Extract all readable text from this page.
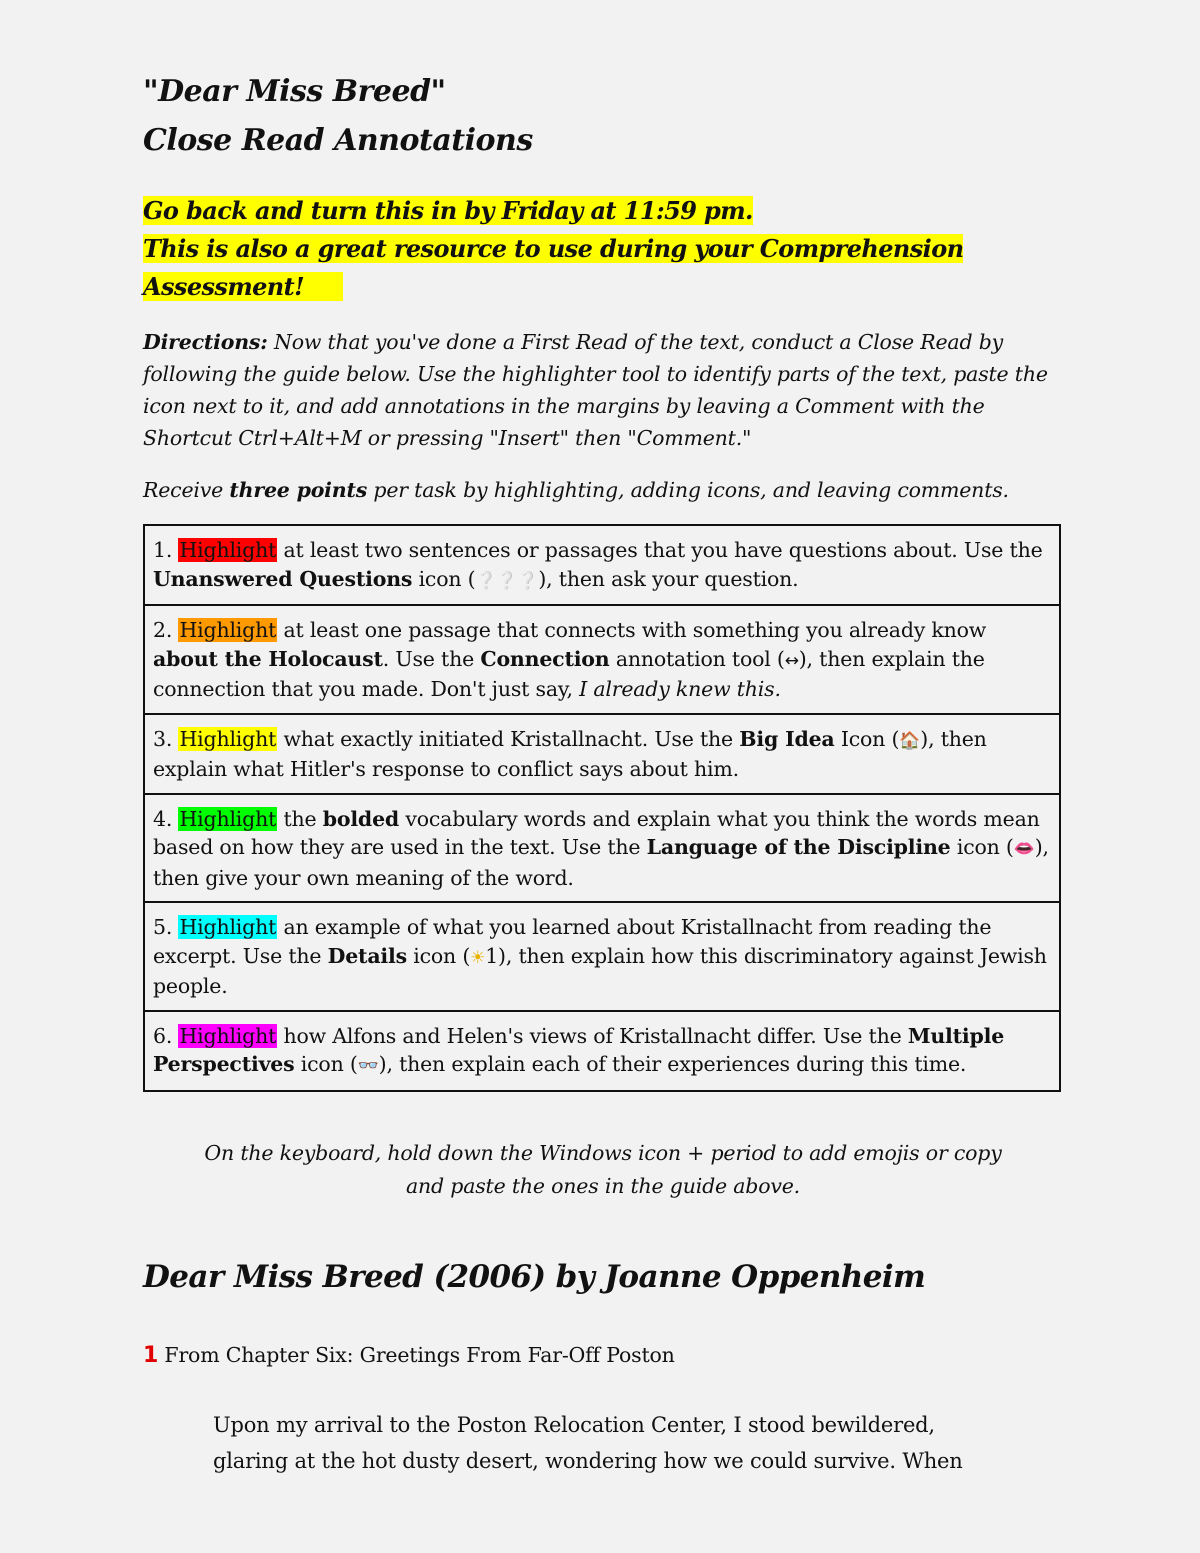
"Dear Miss Breed"
Close Read Annotations
Go back and turn this in by Friday at 11:59 pm.
This is also a great resource to use during your Comprehension
Assessment!

Directions: Now that you've done a First Read of the text, conduct a Close Read by following the guide below. Use the highlighter tool to identify parts of the text, paste the icon next to it, and add annotations in the margins by leaving a Comment with the Shortcut Ctrl+Alt+M or pressing "Insert" then "Comment."

Receive three points per task by highlighting, adding icons, and leaving comments.

1. Highlight at least two sentences or passages that you have questions about. Use the Unanswered Questions icon (❔❔❔), then ask your question.
2. Highlight at least one passage that connects with something you already know about the Holocaust. Use the Connection annotation tool (↔), then explain the connection that you made. Don't just say, I already knew this.
3. Highlight what exactly initiated Kristallnacht. Use the Big Idea Icon (🏠), then explain what Hitler's response to conflict says about him.
4. Highlight the bolded vocabulary words and explain what you think the words mean based on how they are used in the text. Use the Language of the Discipline icon (👄), then give your own meaning of the word.
5. Highlight an example of what you learned about Kristallnacht from reading the excerpt. Use the Details icon (☀1), then explain how this discriminatory against Jewish people.
6. Highlight how Alfons and Helen's views of Kristallnacht differ. Use the Multiple Perspectives icon (👓), then explain each of their experiences during this time.

On the keyboard, hold down the Windows icon + period to add emojis or copy
and paste the ones in the guide above.

Dear Miss Breed (2006) by Joanne Oppenheim
1 From Chapter Six: Greetings From Far-Off Poston

Upon my arrival to the Poston Relocation Center, I stood bewildered,
glaring at the hot dusty desert, wondering how we could survive. When
